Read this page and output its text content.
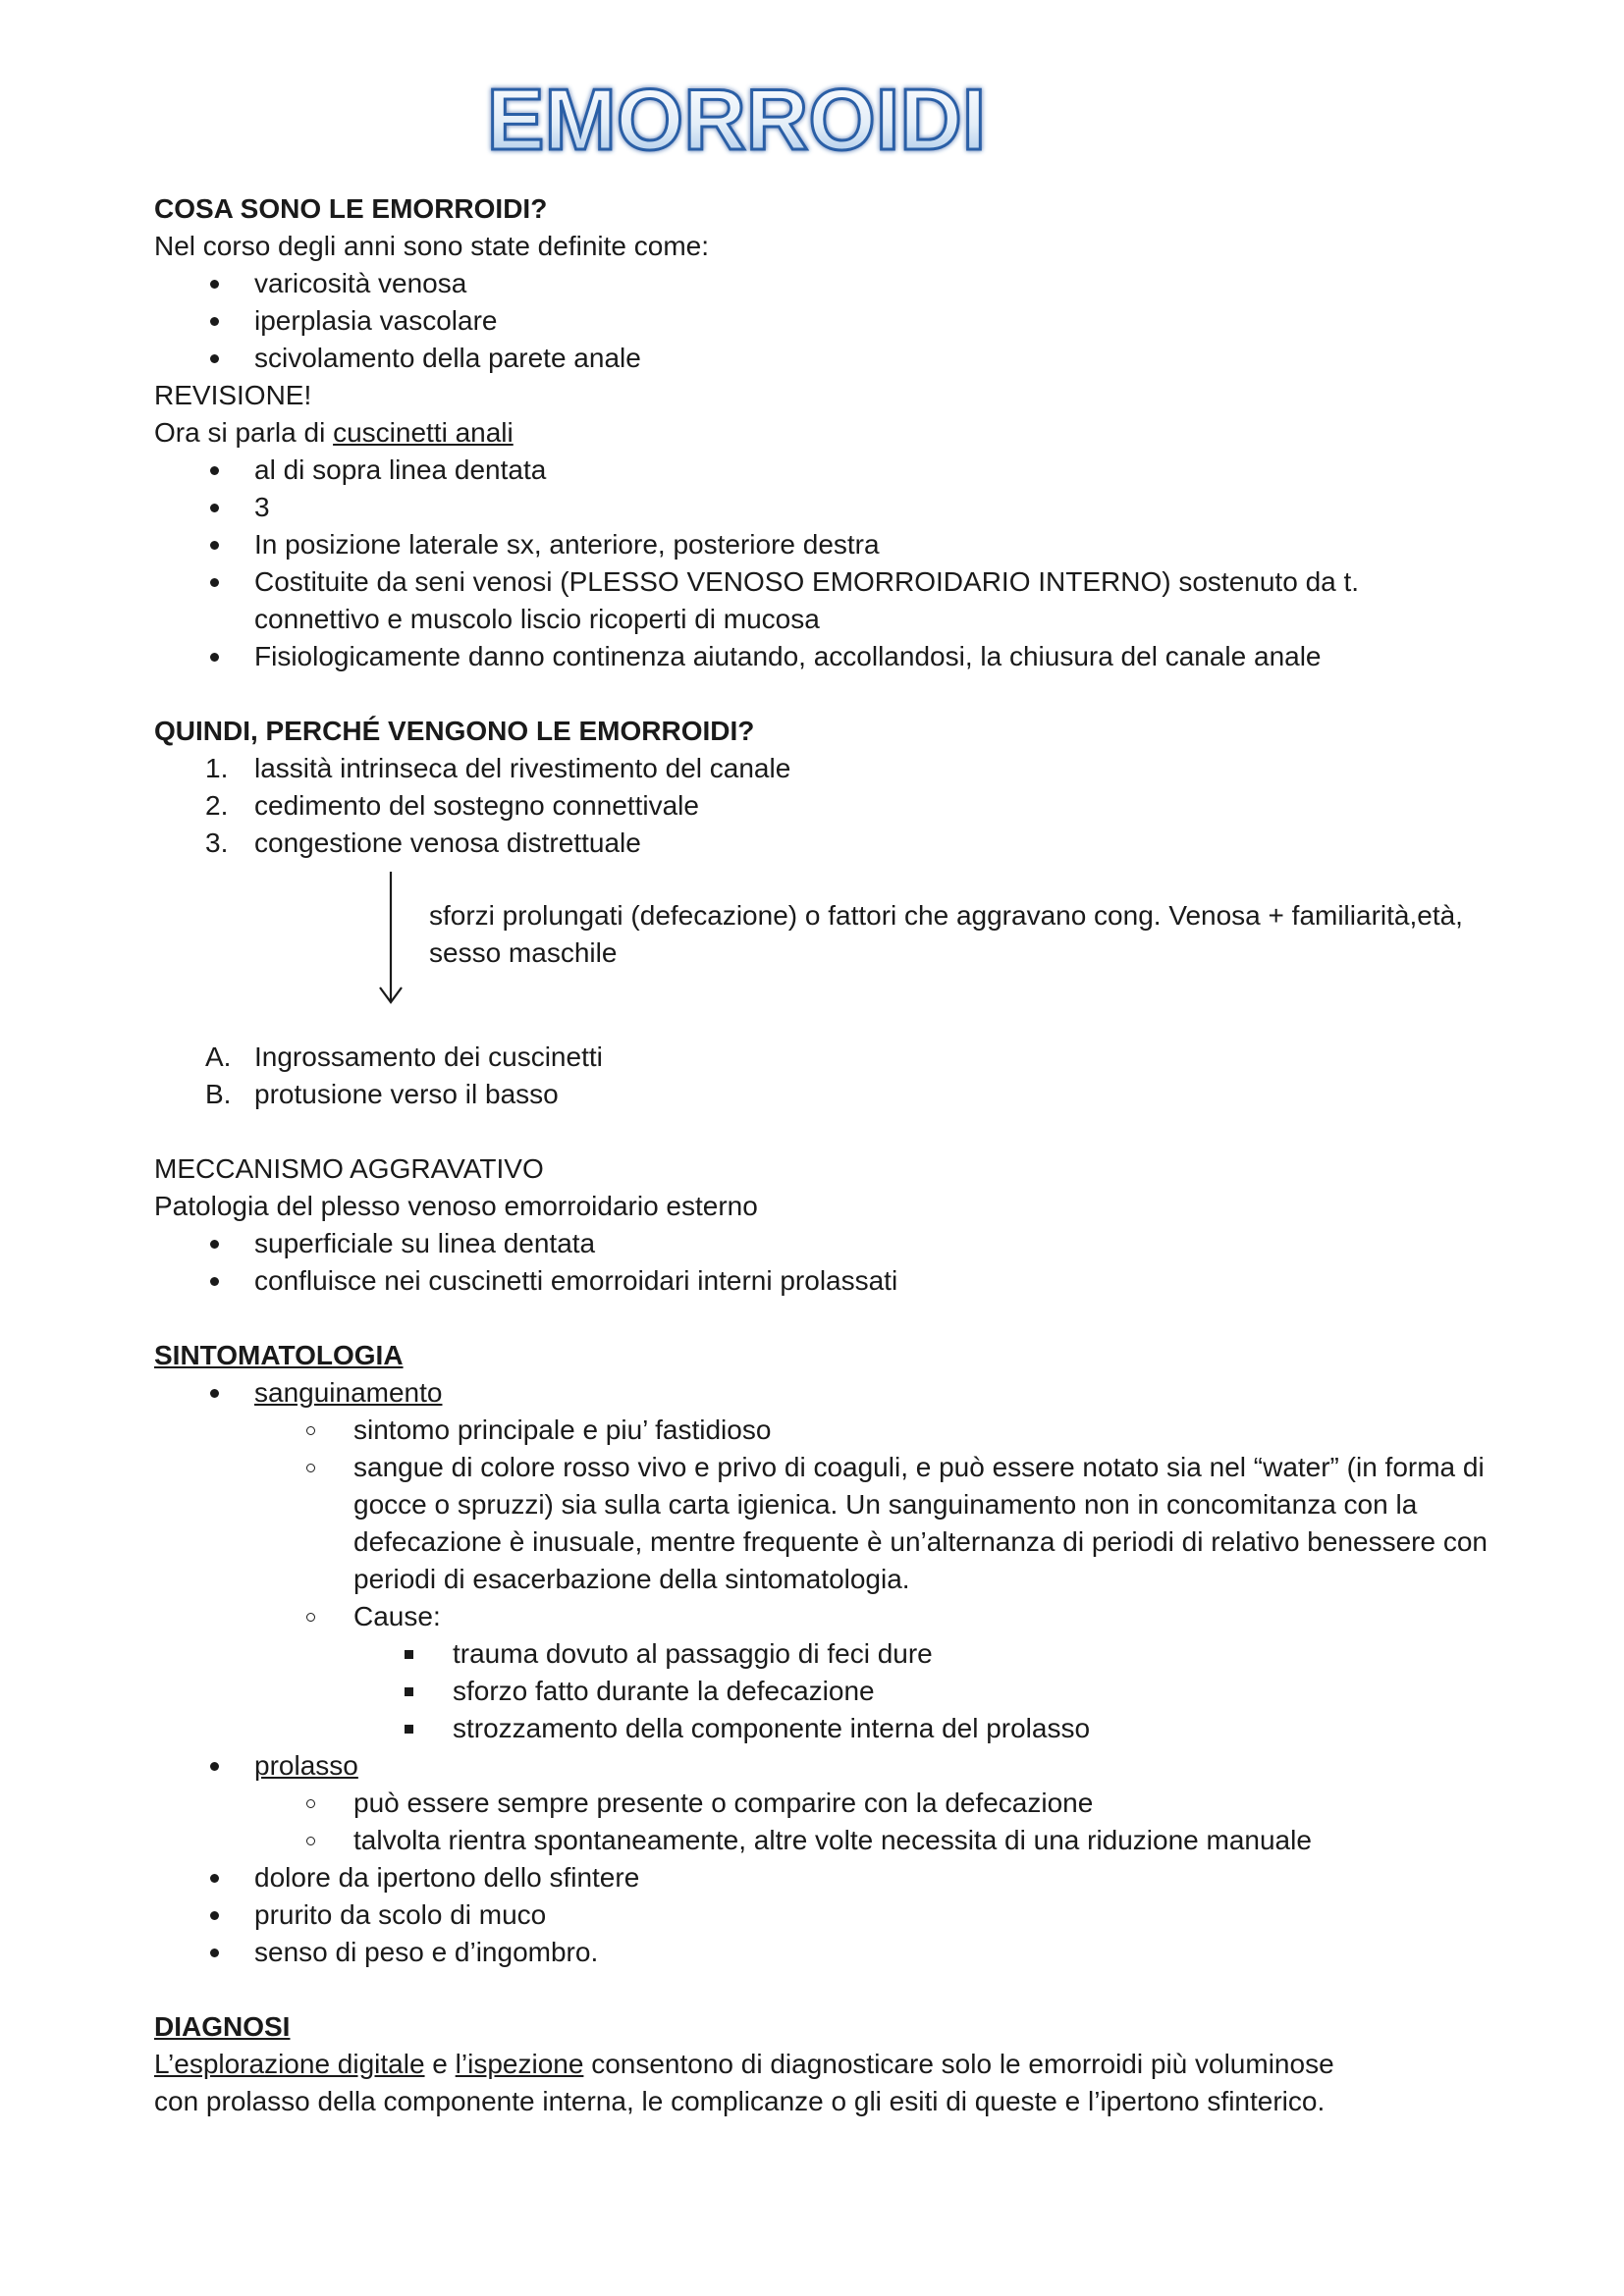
EMORROIDI
COSA SONO LE EMORROIDI?
Nel corso degli anni sono state definite come:
varicosità venosa
iperplasia vascolare
scivolamento della parete anale
REVISIONE!
Ora si parla di cuscinetti anali
al di sopra linea dentata
3
In posizione laterale sx, anteriore, posteriore destra
Costituite da seni venosi (PLESSO VENOSO EMORROIDARIO INTERNO) sostenuto da t. connettivo e muscolo liscio ricoperti di mucosa
Fisiologicamente danno continenza aiutando, accollandosi, la chiusura del canale anale
QUINDI, PERCHÉ VENGONO LE EMORROIDI?
1. lassità intrinseca del rivestimento del canale
2. cedimento del sostegno connettivale
3. congestione venosa distrettuale
sforzi prolungati (defecazione) o fattori che aggravano cong. Venosa + familiarità,età, sesso maschile
A. Ingrossamento dei cuscinetti
B. protusione verso il basso
MECCANISMO AGGRAVATIVO
Patologia del plesso venoso emorroidario esterno
superficiale su linea dentata
confluisce nei cuscinetti emorroidari interni prolassati
SINTOMATOLOGIA
sanguinamento
sintomo principale e piu’ fastidioso
sangue di colore rosso vivo e privo di coaguli, e può essere notato sia nel “water” (in forma di gocce o spruzzi) sia sulla carta igienica. Un sanguinamento non in concomitanza con la defecazione è inusuale, mentre frequente è un’alternanza di periodi di relativo benessere con periodi di esacerbazione della sintomatologia.
Cause:
trauma dovuto al passaggio di feci dure
sforzo fatto durante la defecazione
strozzamento della componente interna del prolasso
prolasso
può essere sempre presente o comparire con la defecazione
talvolta rientra spontaneamente, altre volte necessita di una riduzione manuale
dolore da ipertono dello sfintere
prurito da scolo di muco
senso di peso e d’ingombro.
DIAGNOSI
L’esplorazione digitale e l’ispezione consentono di diagnosticare solo le emorroidi più voluminose
con prolasso della componente interna, le complicanze o gli esiti di queste e l’ipertono sfinterico.
